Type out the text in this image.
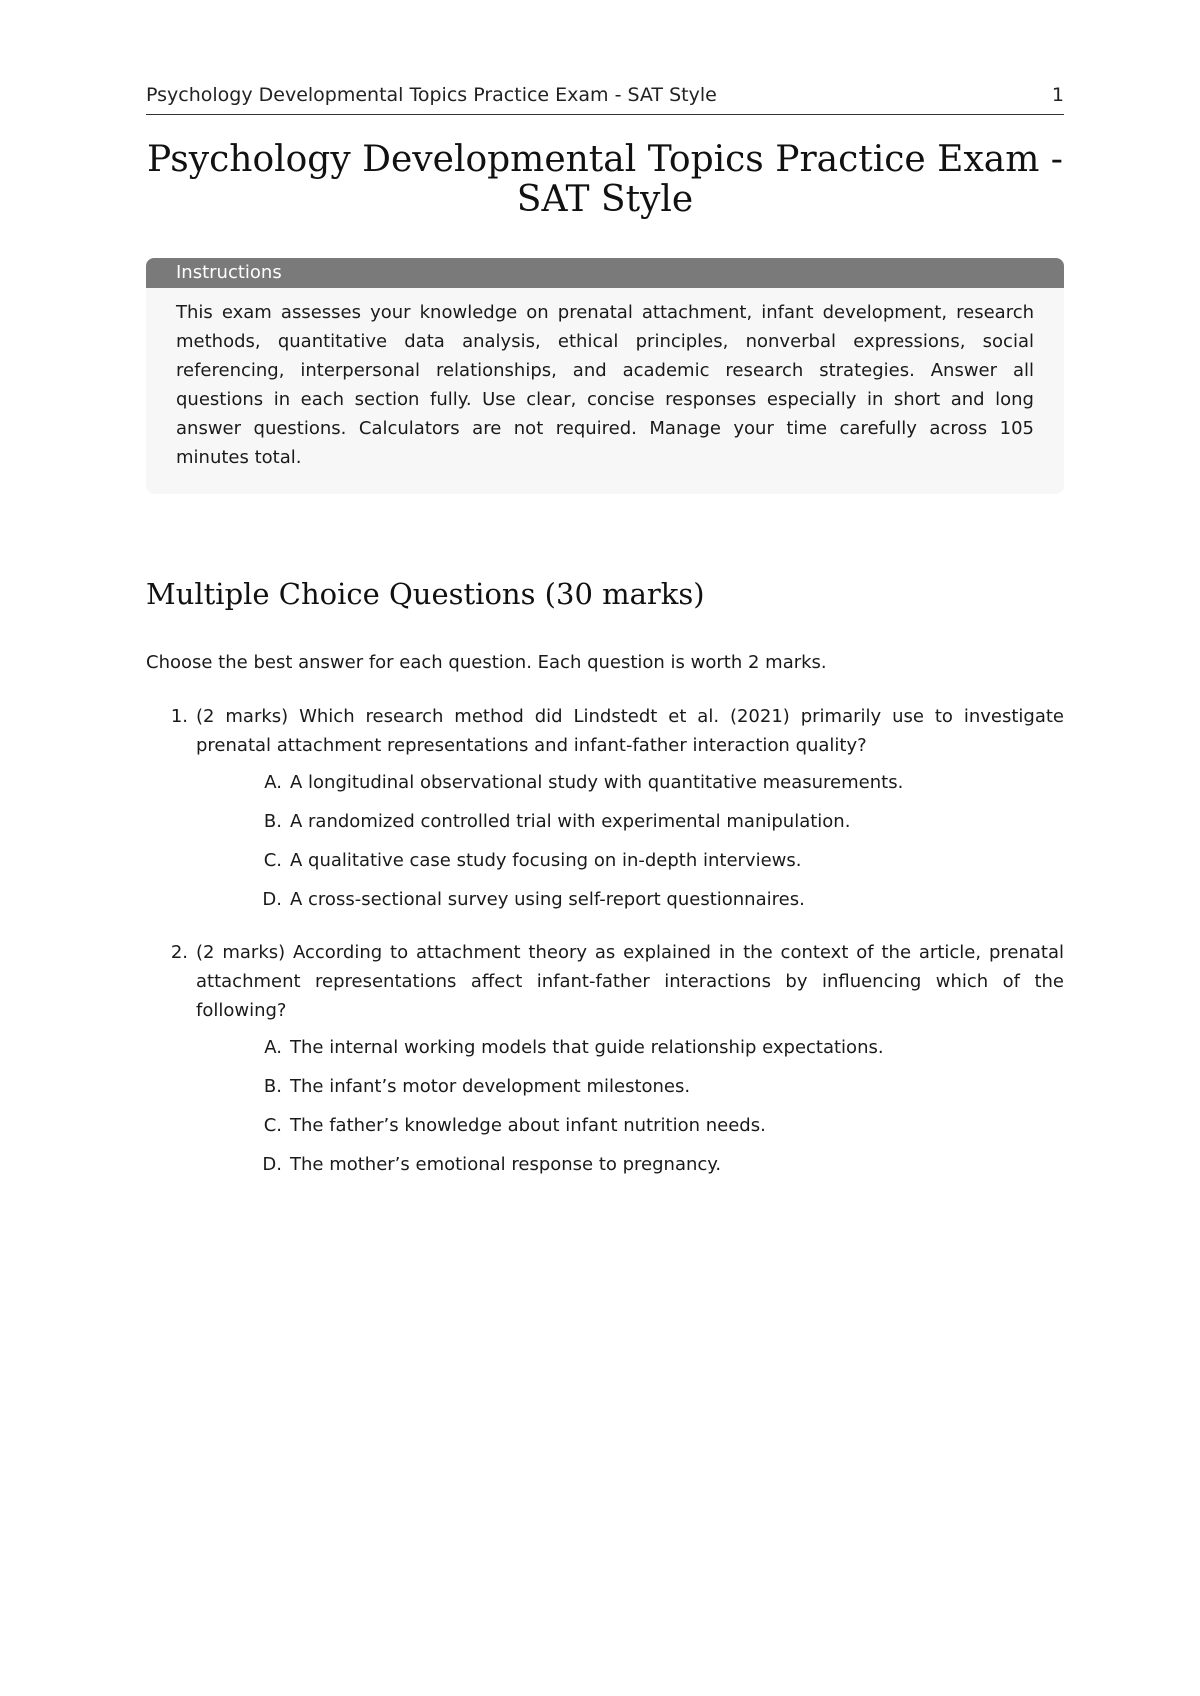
Psychology Developmental Topics Practice Exam - SAT Style	1
Psychology Developmental Topics Practice Exam - SAT Style
Instructions
This exam assesses your knowledge on prenatal attachment, infant development, research methods, quantitative data analysis, ethical principles, nonverbal expressions, social referencing, interpersonal relationships, and academic research strategies. Answer all questions in each section fully. Use clear, concise responses especially in short and long answer questions. Calculators are not required. Manage your time carefully across 105 minutes total.
Multiple Choice Questions (30 marks)

Choose the best answer for each question. Each question is worth 2 marks.

1. (2 marks) Which research method did Lindstedt et al. (2021) primarily use to investigate prenatal attachment representations and infant-father interaction quality?
A. A longitudinal observational study with quantitative measurements.
B. A randomized controlled trial with experimental manipulation.
C. A qualitative case study focusing on in-depth interviews.
D. A cross-sectional survey using self-report questionnaires.
2. (2 marks) According to attachment theory as explained in the context of the article, prenatal attachment representations affect infant-father interactions by influencing which of the following?
A. The internal working models that guide relationship expectations.
B. The infant’s motor development milestones.
C. The father’s knowledge about infant nutrition needs.
D. The mother’s emotional response to pregnancy.
